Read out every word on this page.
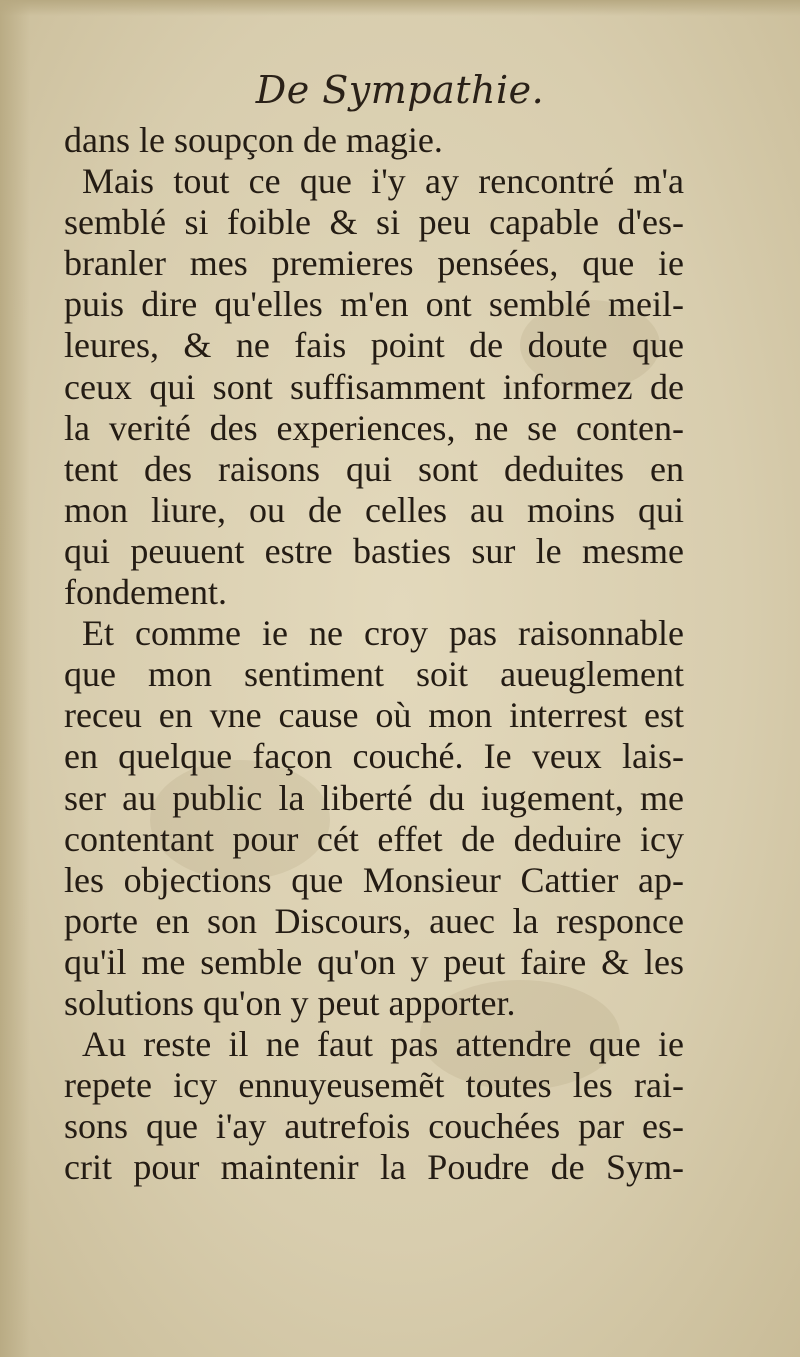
De Sympathie.
dans le soupçon de magie.
Mais tout ce que i'y ay rencontré m'a
semblé si foible & si peu capable d'es-
branler mes premieres pensées, que ie
puis dire qu'elles m'en ont semblé meil-
leures, & ne fais point de doute que
ceux qui sont suffisamment informez de
la verité des experiences, ne se conten-
tent des raisons qui sont deduites en
mon liure, ou de celles au moins qui
qui peuuent estre basties sur le mesme
fondement.
Et comme ie ne croy pas raisonnable
que mon sentiment soit aueuglement
receu en vne cause où mon interrest est
en quelque façon couché. Ie veux lais-
ser au public la liberté du iugement, me
contentant pour cét effet de deduire icy
les objections que Monsieur Cattier ap-
porte en son Discours, auec la responce
qu'il me semble qu'on y peut faire & les
solutions qu'on y peut apporter.
Au reste il ne faut pas attendre que ie
repete icy ennuyeusemẽt toutes les rai-
sons que i'ay autrefois couchées par es-
crit pour maintenir la Poudre de Sym-
